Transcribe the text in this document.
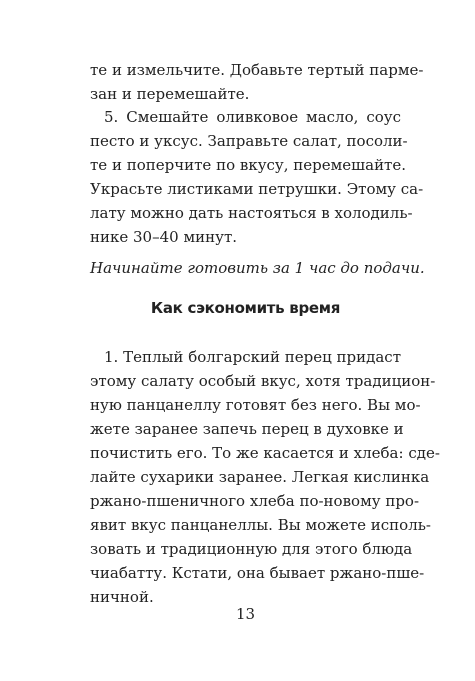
те и измельчите. Добавьте тертый парме-
зан и перемешайте.
5. Смешайте оливковое масло, соус
песто и уксус. Заправьте салат, посоли-
те и поперчите по вкусу, перемешайте.
Украсьте листиками петрушки. Этому са-
лату можно дать настояться в холодиль-
нике 30–40 минут.
Начинайте готовить за 1 час до подачи.
Как сэкономить время
1. Теплый болгарский перец придаст
этому салату особый вкус, хотя традицион-
ную панцанеллу готовят без него. Вы мо-
жете заранее запечь перец в духовке и
почистить его. То же касается и хлеба: сде-
лайте сухарики заранее. Легкая кислинка
ржано-пшеничного хлеба по-новому про-
явит вкус панцанеллы. Вы можете исполь-
зовать и традиционную для этого блюда
чиабатту. Кстати, она бывает ржано-пше-
ничной.
13
